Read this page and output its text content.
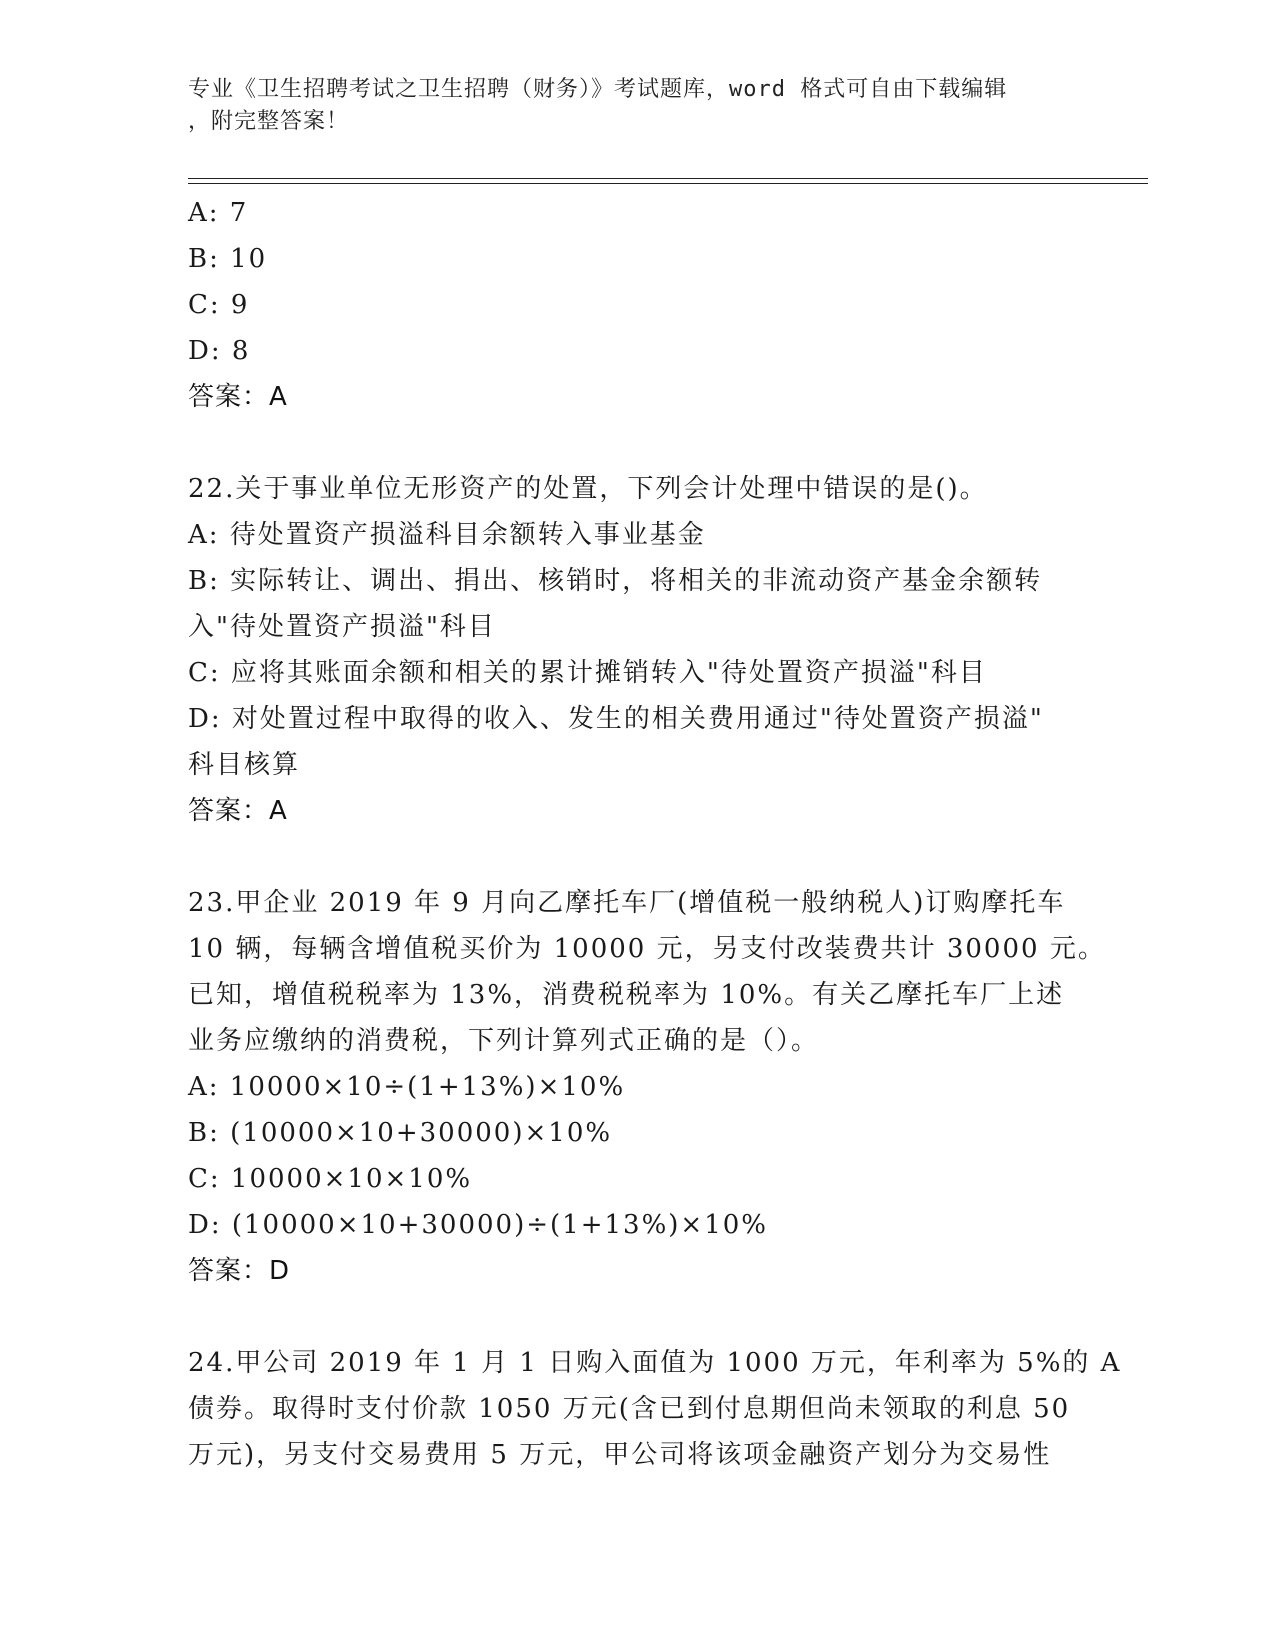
专业《卫生招聘考试之卫生招聘（财务）》考试题库，word 格式可自由下载编辑
，附完整答案！
A: 7
B: 10
C: 9
D: 8
答案：A
22.关于事业单位无形资产的处置，下列会计处理中错误的是()。
A: 待处置资产损溢科目余额转入事业基金
B: 实际转让、调出、捐出、核销时，将相关的非流动资产基金余额转
入"待处置资产损溢"科目
C: 应将其账面余额和相关的累计摊销转入"待处置资产损溢"科目
D: 对处置过程中取得的收入、发生的相关费用通过"待处置资产损溢"
科目核算
答案：A
23.甲企业 2019 年 9 月向乙摩托车厂(增值税一般纳税人)订购摩托车
10 辆，每辆含增值税买价为 10000 元，另支付改装费共计 30000 元。
已知，增值税税率为 13%，消费税税率为 10%。有关乙摩托车厂上述
业务应缴纳的消费税，下列计算列式正确的是（）。
A: 10000×10÷(1+13%)×10%
B: (10000×10+30000)×10%
C: 10000×10×10%
D: (10000×10+30000)÷(1+13%)×10%
答案：D
24.甲公司 2019 年 1 月 1 日购入面值为 1000 万元，年利率为 5%的 A
债券。取得时支付价款 1050 万元(含已到付息期但尚未领取的利息 50
万元)，另支付交易费用 5 万元，甲公司将该项金融资产划分为交易性
